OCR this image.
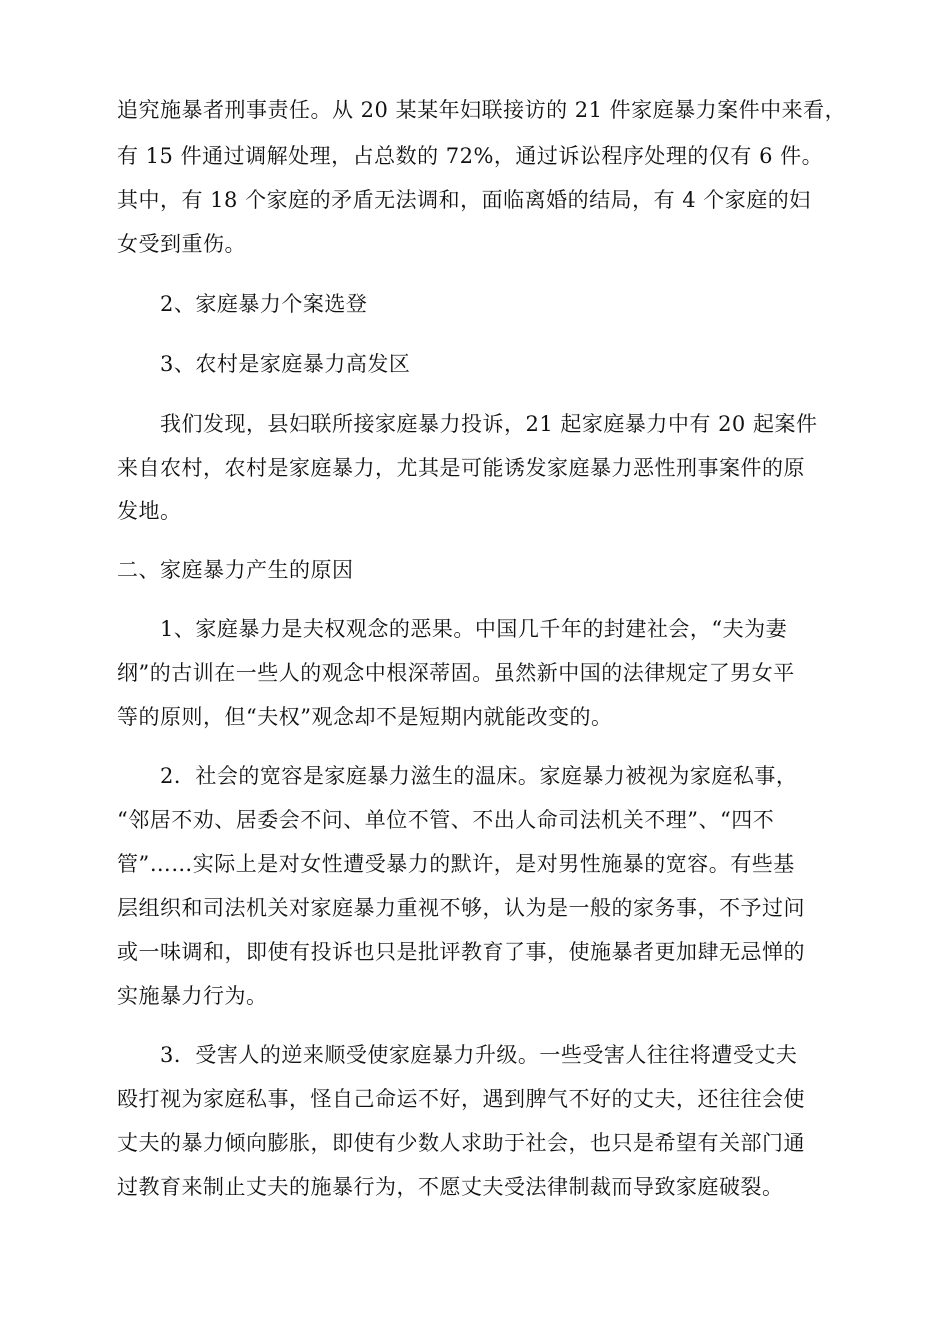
追究施暴者刑事责任。从 20 某某年妇联接访的 21 件家庭暴力案件中来看，
有 15 件通过调解处理，占总数的 72%，通过诉讼程序处理的仅有 6 件。
其中，有 18 个家庭的矛盾无法调和，面临离婚的结局，有 4 个家庭的妇
女受到重伤。
2、家庭暴力个案选登
3、农村是家庭暴力高发区
我们发现，县妇联所接家庭暴力投诉，21 起家庭暴力中有 20 起案件
来自农村，农村是家庭暴力，尤其是可能诱发家庭暴力恶性刑事案件的原
发地。
二、家庭暴力产生的原因
1、家庭暴力是夫权观念的恶果。中国几千年的封建社会，“夫为妻
纲”的古训在一些人的观念中根深蒂固。虽然新中国的法律规定了男女平
等的原则，但“夫权”观念却不是短期内就能改变的。
2．社会的宽容是家庭暴力滋生的温床。家庭暴力被视为家庭私事，
“邻居不劝、居委会不问、单位不管、不出人命司法机关不理”、“四不
管”……实际上是对女性遭受暴力的默许，是对男性施暴的宽容。有些基
层组织和司法机关对家庭暴力重视不够，认为是一般的家务事，不予过问
或一味调和，即使有投诉也只是批评教育了事，使施暴者更加肆无忌惮的
实施暴力行为。
3．受害人的逆来顺受使家庭暴力升级。一些受害人往往将遭受丈夫
殴打视为家庭私事，怪自己命运不好，遇到脾气不好的丈夫，还往往会使
丈夫的暴力倾向膨胀，即使有少数人求助于社会，也只是希望有关部门通
过教育来制止丈夫的施暴行为，不愿丈夫受法律制裁而导致家庭破裂。
